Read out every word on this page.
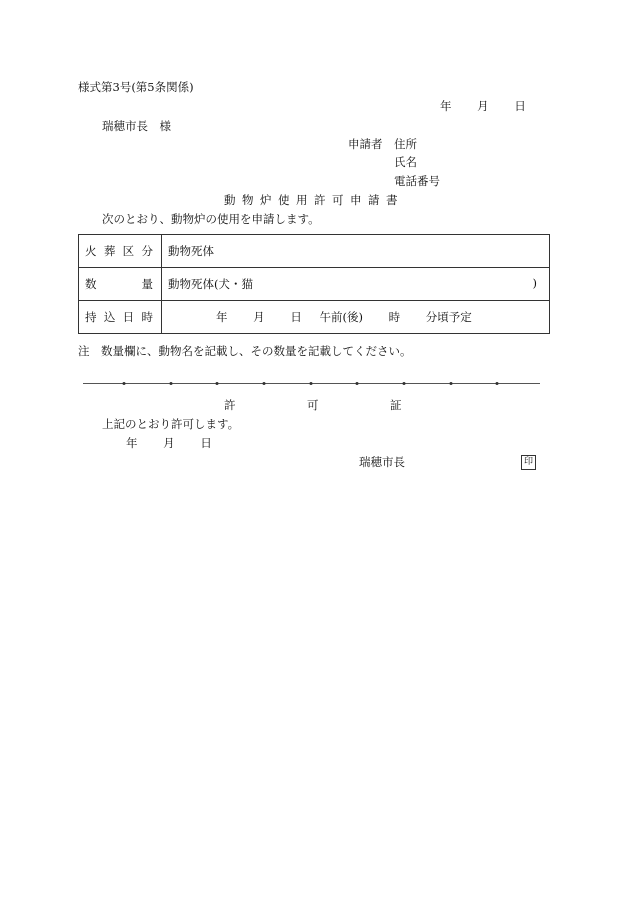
様式第3号(第5条関係)
年 月 日
瑞穂市長　様
申請者 住所
氏名
電話番号
動物炉使用許可申請書
次のとおり、動物炉の使用を申請します。
火 葬 区 分	動物死体

数 量	動物死体(犬・猫 )

持 込 日 時	年 月 日 午前(後) 時 分頃予定
注　数量欄に、動物名を記載し、その数量を記載してください。
許	可	証
上記のとおり許可します。
年 月 日
瑞穂市長	印
